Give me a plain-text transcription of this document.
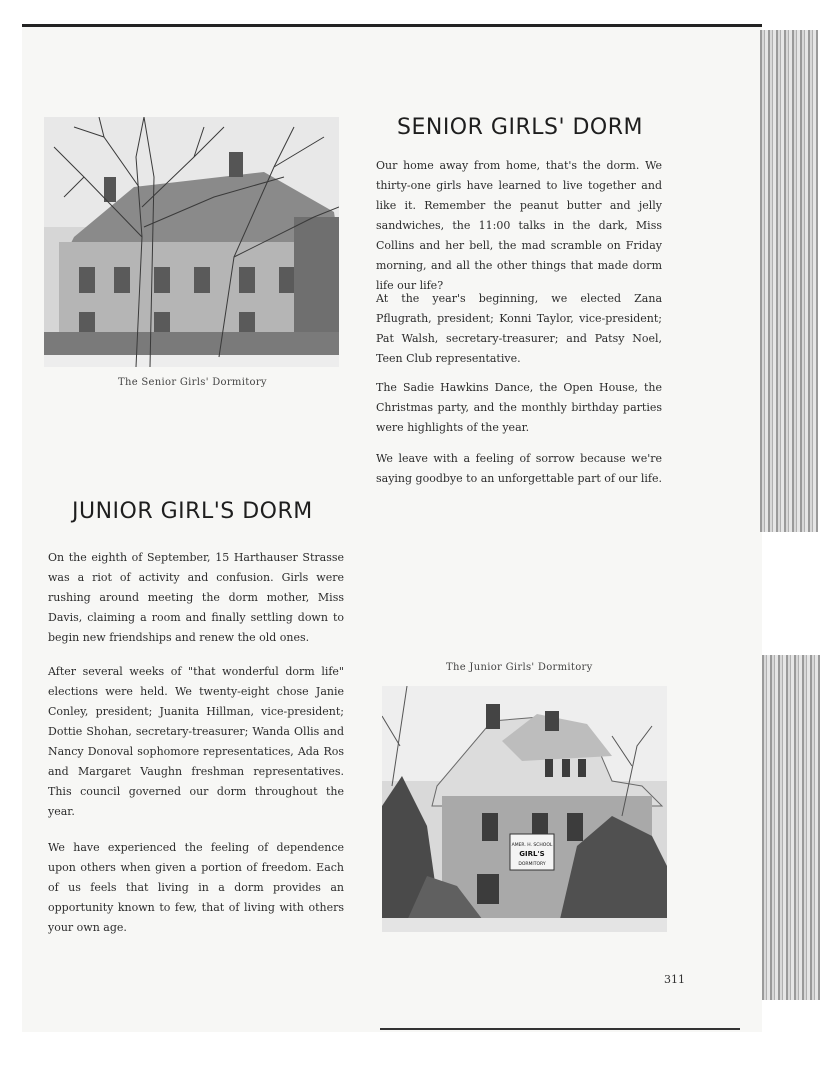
The Senior Girls' Dormitory
SENIOR GIRLS' DORM

Our home away from home, that's the dorm. We thirty-one girls have learned to live together and like it. Remember the peanut butter and jelly sandwiches, the 11:00 talks in the dark, Miss Collins and her bell, the mad scramble on Friday morning, and all the other things that made dorm life our life?

At the year's beginning, we elected Zana Pflugrath, president; Konni Taylor, vice-president; Pat Walsh, secretary-treasurer; and Patsy Noel, Teen Club representative.

The Sadie Hawkins Dance, the Open House, the Christmas party, and the monthly birthday parties were highlights of the year.

We leave with a feeling of sorrow because we're saying goodbye to an unforgettable part of our life.

JUNIOR GIRL'S DORM

On the eighth of September, 15 Harthauser Strasse was a riot of activity and confusion. Girls were rushing around meeting the dorm mother, Miss Davis, claiming a room and finally settling down to begin new friendships and renew the old ones.

After several weeks of "that wonderful dorm life" elections were held. We twenty-eight chose Janie Conley, president; Juanita Hillman, vice-president; Dottie Shohan, secretary-treasurer; Wanda Ollis and Nancy Donoval sophomore representatices, Ada Ros and Margaret Vaughn freshman representatives. This council governed our dorm throughout the year.

We have experienced the feeling of dependence upon others when given a portion of freedom. Each of us feels that living in a dorm provides an opportunity known to few, that of living with others your own age.

The Junior Girls' Dormitory
AMER. H. SCHOOL
GIRL'S
DORMITORY
311
